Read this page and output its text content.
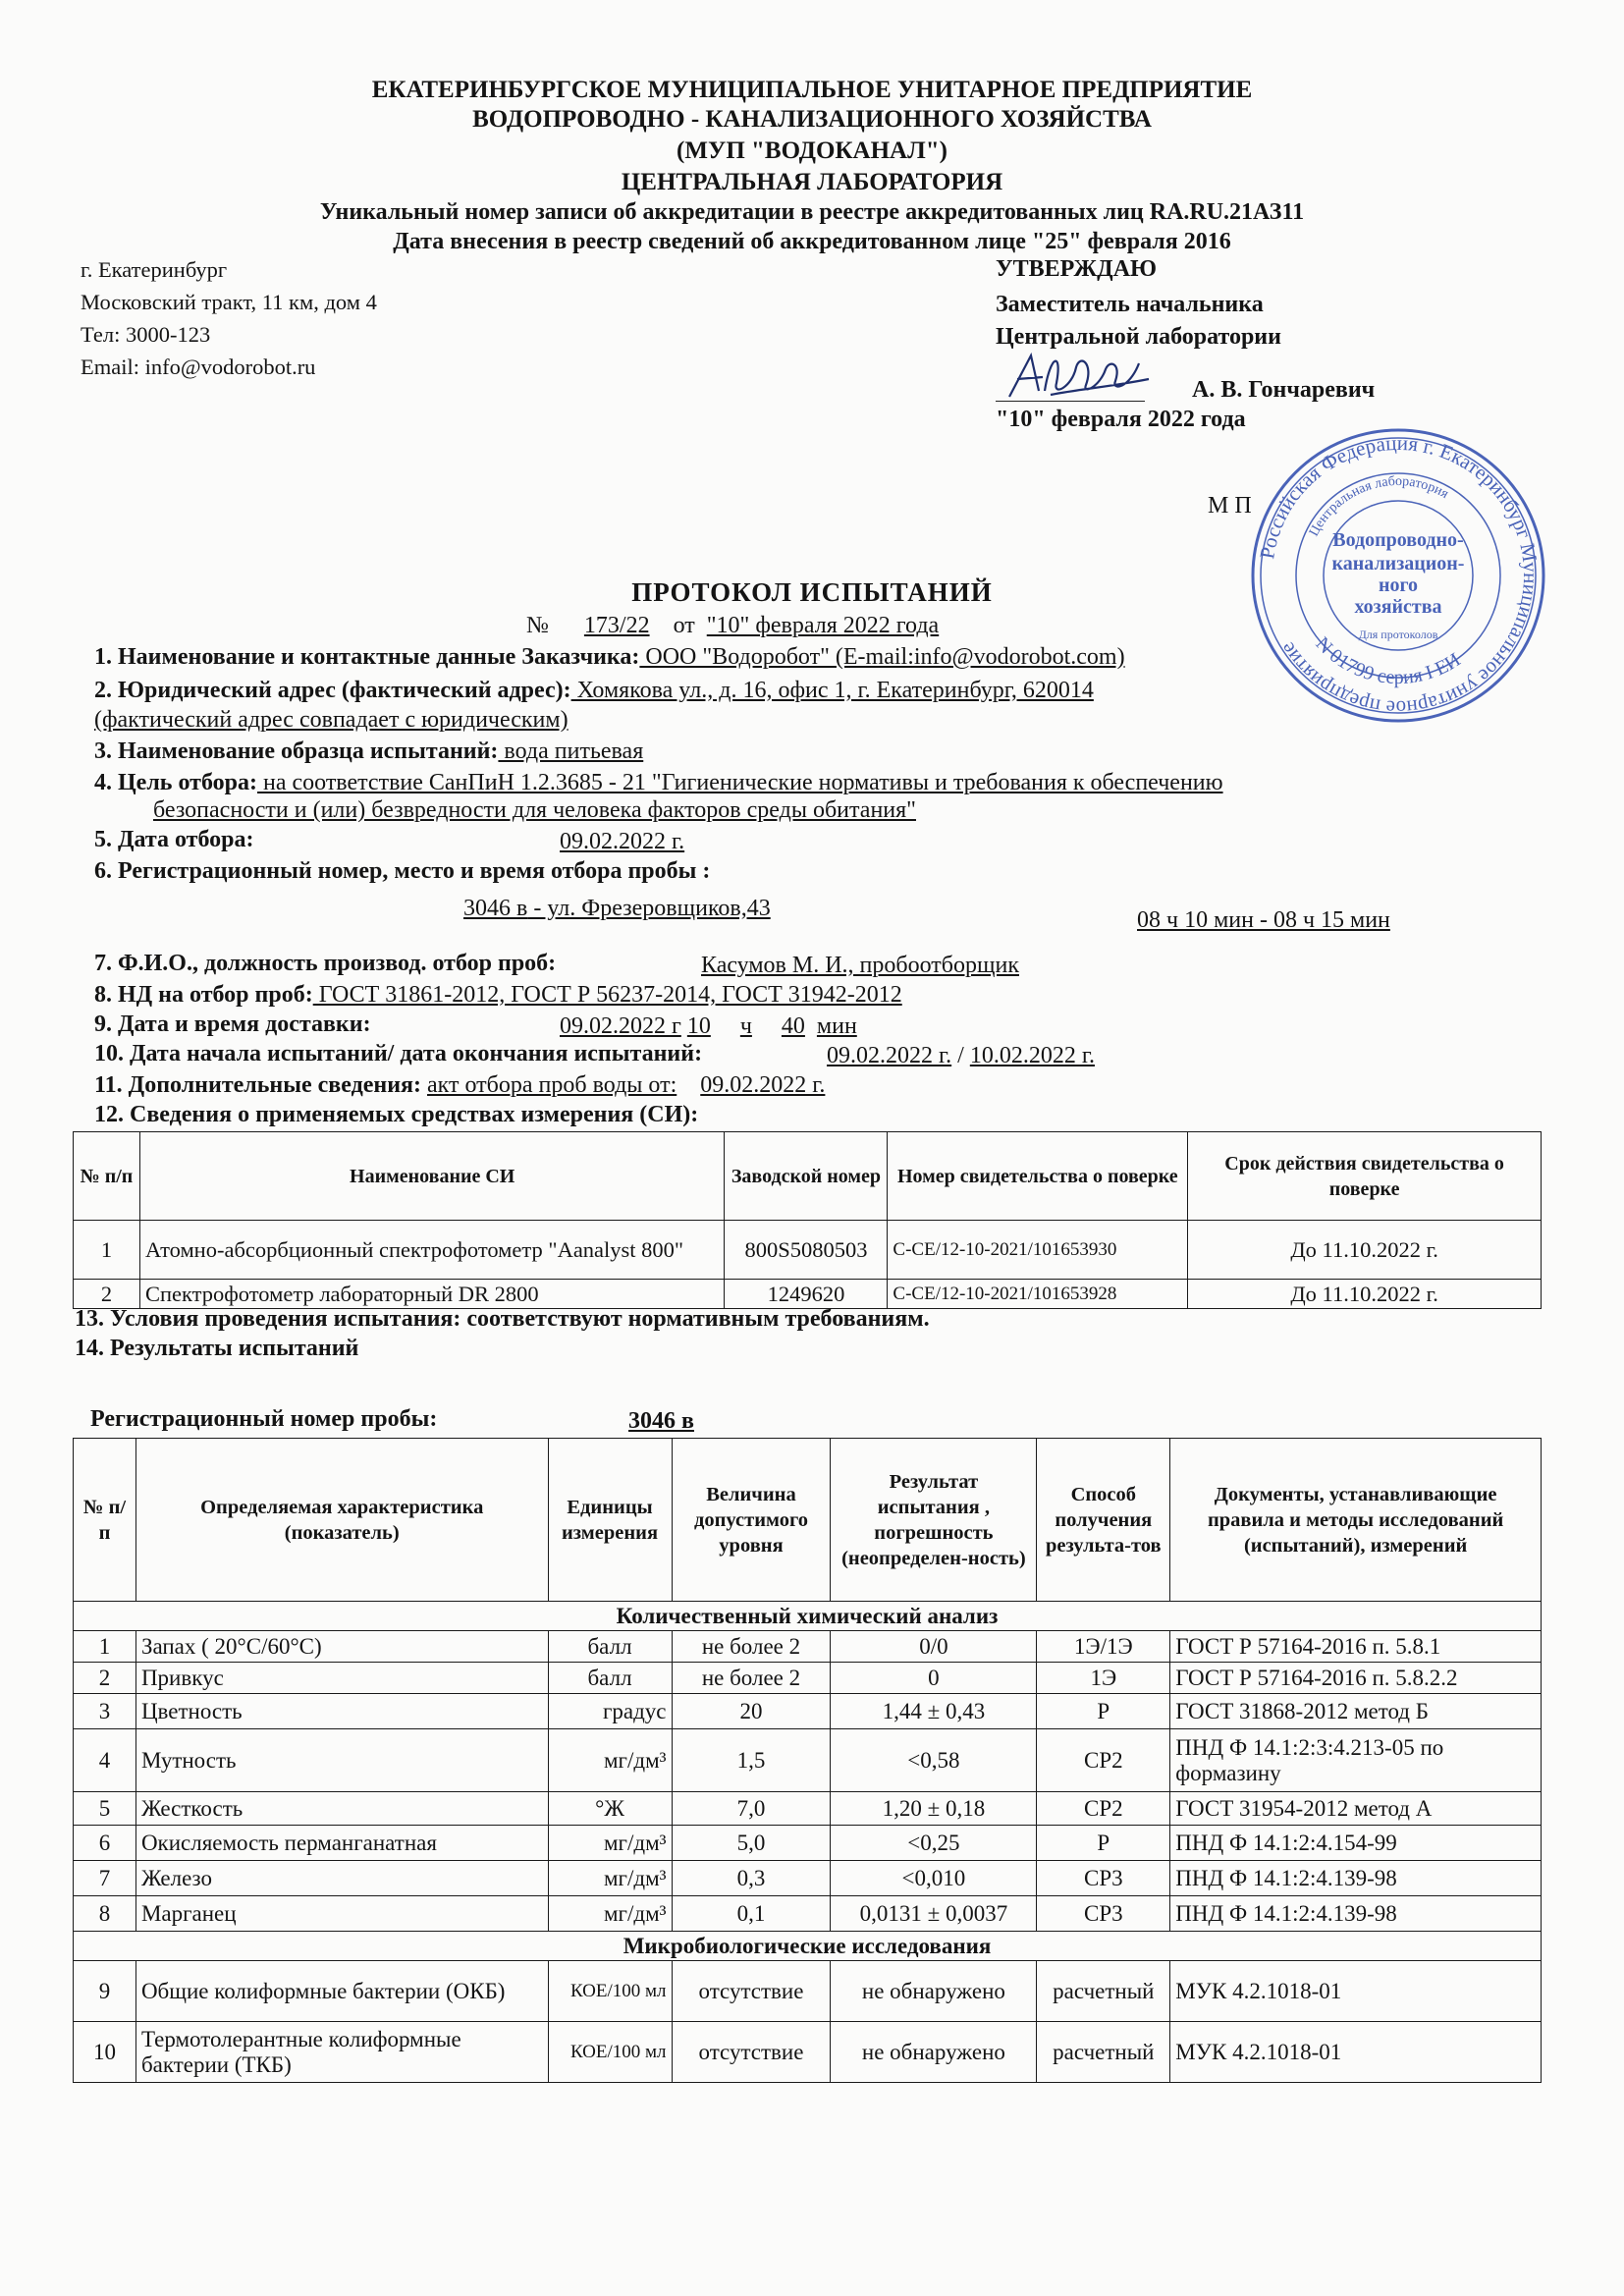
ЕКАТЕРИНБУРГСКОЕ МУНИЦИПАЛЬНОЕ УНИТАРНОЕ ПРЕДПРИЯТИЕ
ВОДОПРОВОДНО - КАНАЛИЗАЦИОННОГО ХОЗЯЙСТВА
(МУП "ВОДОКАНАЛ")
ЦЕНТРАЛЬНАЯ ЛАБОРАТОРИЯ
Уникальный номер записи об аккредитации в реестре аккредитованных лиц RA.RU.21АЗ11
Дата внесения в реестр сведений об аккредитованном лице "25" февраля 2016
г. Екатеринбург
Московский тракт, 11 км, дом 4
Тел: 3000-123
Email: info@vodorobot.ru
УТВЕРЖДАЮ
Заместитель начальника
Центральной лаборатории
А. В. Гончаревич
"10" февраля 2022 года
М П
Российская Федерация г. Екатеринбург Муниципальное унитарное предприятие
Центральная лаборатория
N 01799 серия I ЕИ
Водопроводно-
канализацион-
ного
хозяйства
Для протоколов
ПРОТОКОЛ ИСПЫТАНИЙ
№ 173/22 от "10" февраля 2022 года
1. Наименование и контактные данные Заказчика: ООО "Водоробот" (E-mail:info@vodorobot.com)
2. Юридический адрес (фактический адрес): Хомякова ул., д. 16, офис 1, г. Екатеринбург, 620014
(фактический адрес совпадает с юридическим)
3. Наименование образца испытаний: вода питьевая
4. Цель отбора: на соответствие СанПиН 1.2.3685 - 21 "Гигиенические нормативы и требования к обеспечению
безопасности и (или) безвредности для человека факторов среды обитания"
5. Дата отбора:	09.02.2022 г.
6. Регистрационный номер, место и время отбора пробы :
3046 в - ул. Фрезеровщиков,43	08 ч 10 мин - 08 ч 15 мин
7. Ф.И.О., должность производ. отбор проб:	Касумов М. И., пробоотборщик
8. НД на отбор проб: ГОСТ 31861-2012, ГОСТ Р 56237-2014, ГОСТ 31942-2012
9. Дата и время доставки:	09.02.2022 г 10 ч 40 мин
10. Дата начала испытаний/ дата окончания испытаний:	09.02.2022 г. / 10.02.2022 г.
11. Дополнительные сведения: акт отбора проб воды от: 09.02.2022 г.
12. Сведения о применяемых средствах измерения (СИ):
№ п/п	Наименование СИ	Заводской номер	Номер свидетельства о поверке	Срок действия свидетельства о поверке
1	Атомно-абсорбционный спектрофотометр "Aanalyst 800"	800S5080503	С-СЕ/12-10-2021/101653930	До 11.10.2022 г.
2	Спектрофотометр лабораторный DR 2800	1249620	С-СЕ/12-10-2021/101653928	До 11.10.2022 г.
13. Условия проведения испытания: соответствуют нормативным требованиям.
14. Результаты испытаний
Регистрационный номер пробы:	3046 в
№ п/п	Определяемая характеристика (показатель)	Единицы измерения	Величина допустимого уровня	Результат испытания , погрешность (неопределен-ность)	Способ получения результа-тов	Документы, устанавливающие правила и методы исследований (испытаний), измерений
Количественный химический анализ						
1	Запах ( 20°С/60°С)	балл	не более 2	0/0	1Э/1Э	ГОСТ Р 57164-2016 п. 5.8.1
2	Привкус	балл	не более 2	0	1Э	ГОСТ Р 57164-2016 п. 5.8.2.2
3	Цветность	градус	20	1,44 ± 0,43	Р	ГОСТ 31868-2012 метод Б
4	Мутность	мг/дм³	1,5	<0,58	СР2	ПНД Ф 14.1:2:3:4.213-05 по формазину
5	Жесткость	°Ж	7,0	1,20 ± 0,18	СР2	ГОСТ 31954-2012 метод А
6	Окисляемость перманганатная	мг/дм³	5,0	<0,25	Р	ПНД Ф 14.1:2:4.154-99
7	Железо	мг/дм³	0,3	<0,010	СР3	ПНД Ф 14.1:2:4.139-98
8	Марганец	мг/дм³	0,1	0,0131 ± 0,0037	СР3	ПНД Ф 14.1:2:4.139-98
Микробиологические исследования						
9	Общие колиформные бактерии (ОКБ)	КОЕ/100 мл	отсутствие	не обнаружено	расчетный	МУК 4.2.1018-01
10	Термотолерантные колиформные бактерии (ТКБ)	КОЕ/100 мл	отсутствие	не обнаружено	расчетный	МУК 4.2.1018-01
